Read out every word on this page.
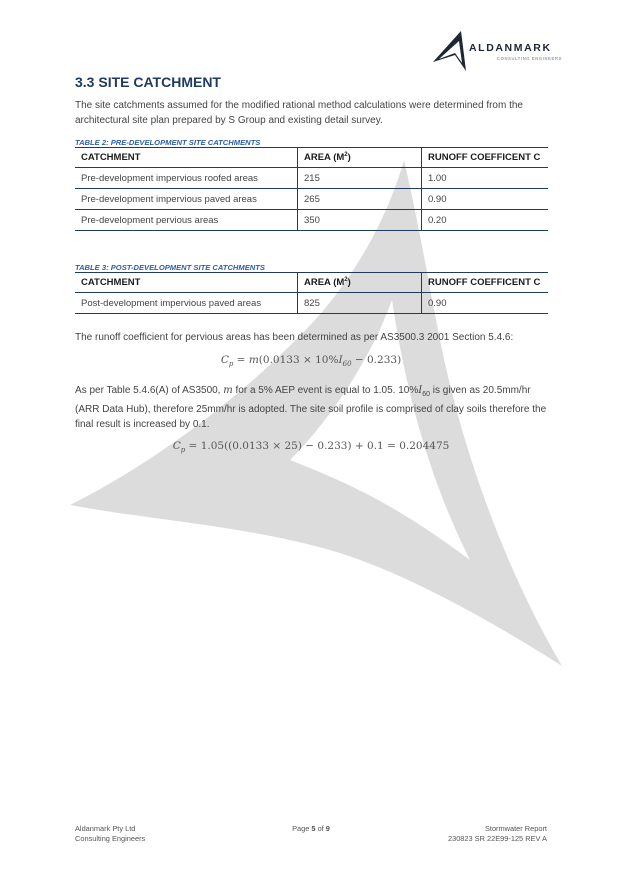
ALDANMARK
CONSULTING ENGINEERS
3.3 SITE CATCHMENT

The site catchments assumed for the modified rational method calculations were determined from the architectural site plan prepared by S Group and existing detail survey.

TABLE 2: PRE-DEVELOPMENT SITE CATCHMENTS
CATCHMENT	AREA $(M^2)$	RUNOFF COEFFICENT C
Pre-development impervious roofed areas	215	1.00
Pre-development impervious paved areas	265	0.90
Pre-development pervious areas	350	0.20
TABLE 3: POST-DEVELOPMENT SITE CATCHMENTS
CATCHMENT	AREA $(M^2)$	RUNOFF COEFFICENT C
Post-development impervious paved areas	825	0.90

The runoff coefficient for pervious areas has been determined as per AS3500.3 2001 Section 5.4.6:

$C_p = m(0.0133 \times 10\%I_{60} - 0.233)$

As per Table 5.4.6(A) of AS3500, m for a 5% AEP event is equal to 1.05. $10\%I_{60}$ is given as 20.5mm/hr (ARR Data Hub), therefore 25mm/hr is adopted. The site soil profile is comprised of clay soils therefore the final result is increased by 0.1.

$C_p = 1.05((0.0133 \times 25) - 0.233) + 0.1 = 0.204475$
Aldanmark Pty Ltd
Consulting Engineers
Page 5 of 9	Stormwater Report
230823 SR 22E99-125 REV A
